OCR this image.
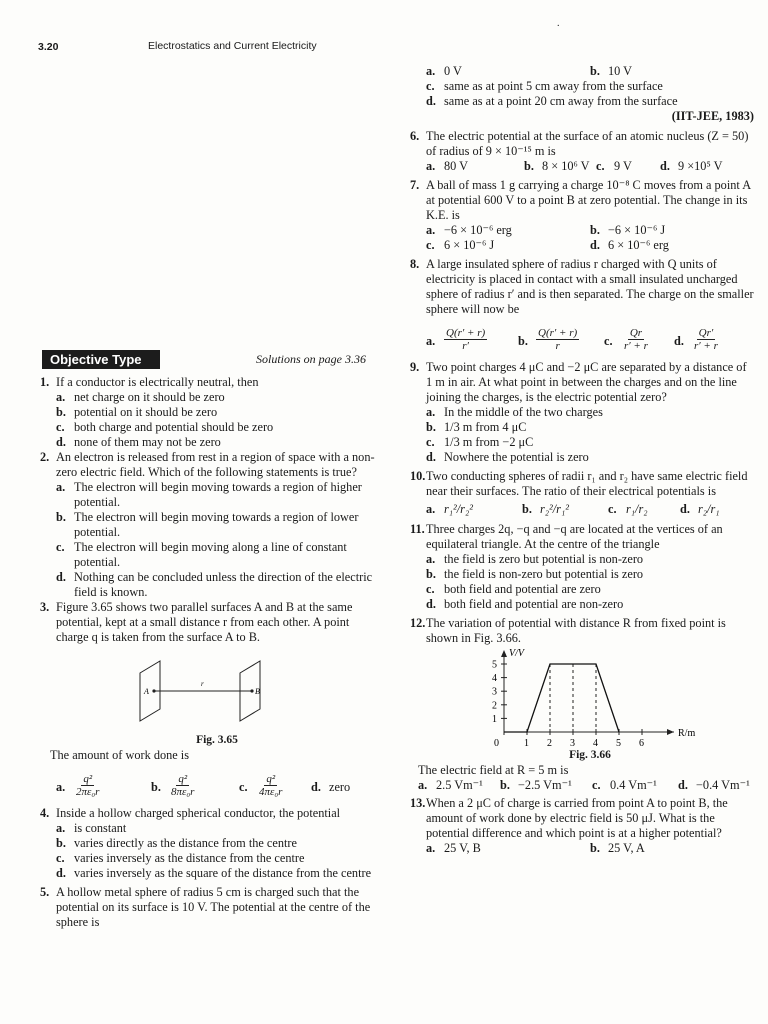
3.20	Electrostatics and Current Electricity
.
Objective Type	Solutions on page 3.36
1. If a conductor is electrically neutral, then
a. net charge on it should be zero
b. potential on it should be zero
c. both charge and potential should be zero
d. none of them may not be zero
2. An electron is released from rest in a region of space with a non-zero electric field. Which of the following statements is true?
a. The electron will begin moving towards a region of higher potential.
b. The electron will begin moving towards a region of lower potential.
c. The electron will begin moving along a line of constant potential.
d. Nothing can be concluded unless the direction of the electric field is known.
3. Figure 3.65 shows two parallel surfaces A and B at the same potential, kept at a small distance r from each other. A point charge q is taken from the surface A to B.
A	B
r
Fig. 3.65
The amount of work done is
a. $\frac{\text{q²}}{\text{2πε₀r}}$	b. $\frac{\text{q²}}{\text{8πε₀r}}$	c. $\frac{\text{q²}}{\text{4πε₀r}} d$. zero
4. Inside a hollow charged spherical conductor, the potential
a. is constant
b. varies directly as the distance from the centre
c. varies inversely as the distance from the centre
d. varies inversely as the square of the distance from the centre
5. A hollow metal sphere of radius 5 cm is charged such that the potential on its surface is 10 V. The potential at the centre of the sphere is
a. 0 V	b. 10 V
c. same as at point 5 cm away from the surface
d. same as at a point 20 cm away from the surface
(IIT-JEE, 1983)
6. The electric potential at the surface of an atomic nucleus (Z = 50) of radius of 9 × 10⁻¹⁵ m is
a. 80 V	b. 8 × 10⁶ V c. 9 V	d. 9 ×10⁵ V
7. A ball of mass 1 g carrying a charge 10⁻⁸ C moves from a point A at potential 600 V to a point B at zero potential. The change in its K.E. is
a. −6 × 10⁻⁶ erg	b. −6 × 10⁻⁶ J
c. 6 × 10⁻⁶ J	d. 6 × 10⁻⁶ erg
8. A large insulated sphere of radius r charged with Q units of electricity is placed in contact with a small insulated uncharged sphere of radius r′ and is then separated. The charge on the smaller sphere will now be
a. $\frac{Q(r' + r)}{r'}$	b. $\frac{Q(r' + r)}{r} c$. $\frac{Qr}{r' + r} d$. $\frac{Qr'}{r' + r}$
9. Two point charges 4 μC and −2 μC are separated by a distance of 1 m in air. At what point in between the charges and on the line joining the charges, is the electric potential zero?
a. In the middle of the two charges
b. 1/3 m from 4 μC
c. 1/3 m from −2 μC
d. Nowhere the potential is zero
10. Two conducting spheres of radii r₁ and r₂ have same electric field near their surfaces. The ratio of their electrical potentials is
a. r₁²/r₂²	b. r₂²/r₁²	c. r₁/r₂	d. r₂/r₁
11. Three charges 2q, −q and −q are located at the vertices of an equilateral triangle. At the centre of the triangle
a. the field is zero but potential is non-zero
b. the field is non-zero but potential is zero
c. both field and potential are zero
d. both field and potential are non-zero
12. The variation of potential with distance R from fixed point is shown in Fig. 3.66.
0	1 2 3 4 5 6
1
2
3
4
5
R/m
V/V
Fig. 3.66
The electric field at R = 5 m is
a. 2.5 Vm⁻¹	b. −2.5 Vm⁻¹	c. 0.4 Vm⁻¹	d. −0.4 Vm⁻¹
13. When a 2 μC of charge is carried from point A to point B, the amount of work done by electric field is 50 μJ. What is the potential difference and which point is at a higher potential?
a. 25 V, B	b. 25 V, A
